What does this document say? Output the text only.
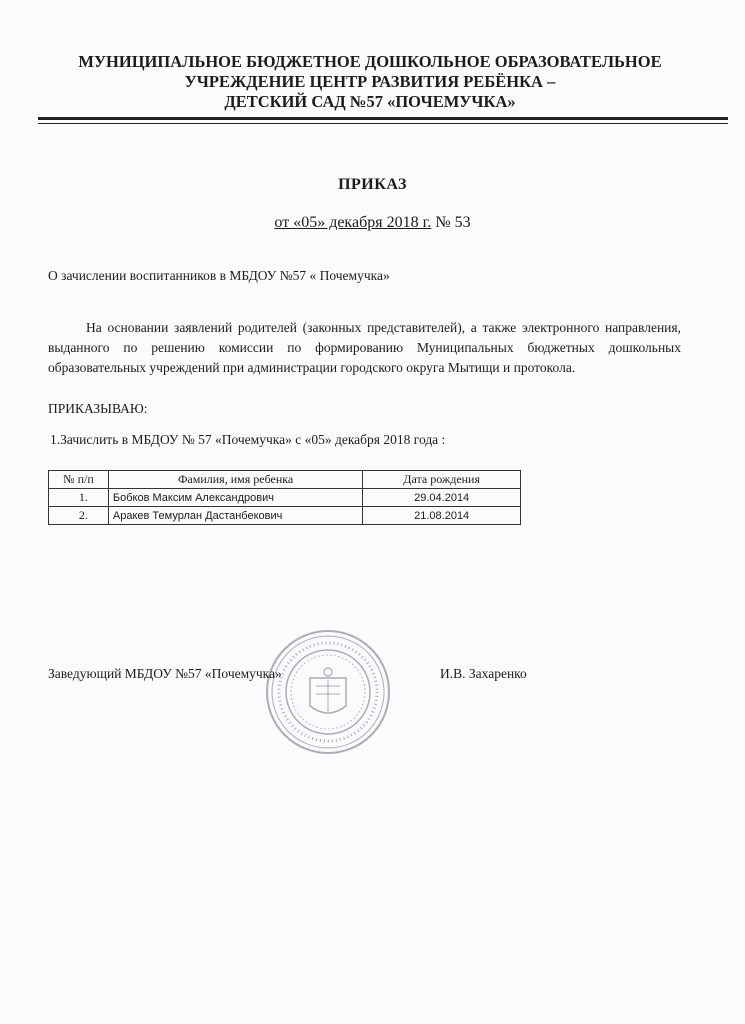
МУНИЦИПАЛЬНОЕ БЮДЖЕТНОЕ ДОШКОЛЬНОЕ ОБРАЗОВАТЕЛЬНОЕ
УЧРЕЖДЕНИЕ ЦЕНТР РАЗВИТИЯ РЕБЁНКА –
ДЕТСКИЙ САД №57 «ПОЧЕМУЧКА»
ПРИКАЗ
от «05» декабря 2018 г. № 53
О зачислении воспитанников в МБДОУ №57 « Почемучка»
На основании заявлений родителей (законных представителей), а также электронного направления, выданного по решению комиссии по формированию Муниципальных бюджетных дошкольных образовательных учреждений при администрации городского округа Мытищи и протокола.
ПРИКАЗЫВАЮ:
1.Зачислить в МБДОУ № 57 «Почемучка» с «05» декабря 2018 года :
№ п/п	Фамилия, имя ребенка	Дата рождения
1.	Бобков Максим Александрович	29.04.2014
2.	Аракев Темурлан Дастанбекович	21.08.2014
Заведующий МБДОУ №57 «Почемучка»	И.В. Захаренко
